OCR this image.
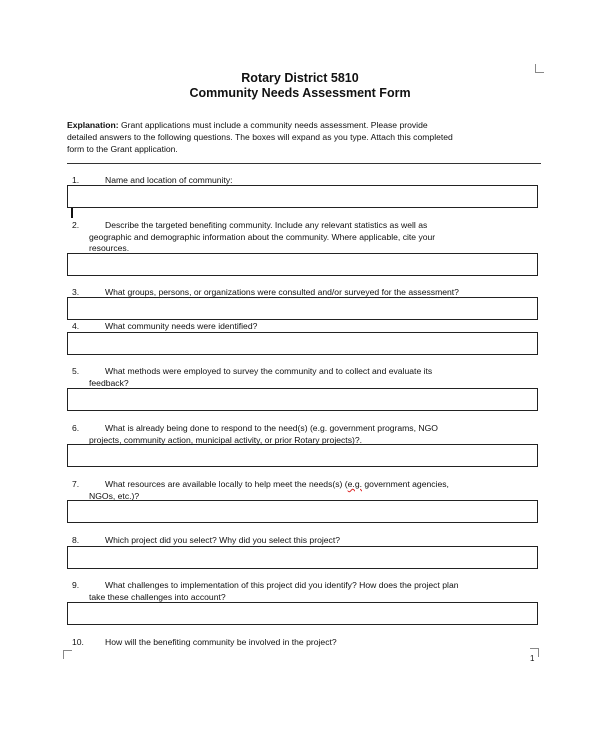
Rotary District 5810
Community Needs Assessment Form
Explanation: Grant applications must include a community needs assessment. Please provide
detailed answers to the following questions. The boxes will expand as you type. Attach this completed
form to the Grant application.
1.	Name and location of community:
2.	Describe the targeted benefiting community. Include any relevant statistics as well as
geographic and demographic information about the community. Where applicable, cite your
resources.
3.	What groups, persons, or organizations were consulted and/or surveyed for the assessment?
4.	What community needs were identified?
5.	What methods were employed to survey the community and to collect and evaluate its
feedback?
6.	What is already being done to respond to the need(s) (e.g. government programs, NGO
projects, community action, municipal activity, or prior Rotary projects)?.
7.	What resources are available locally to help meet the needs(s) (e.g. government agencies,
NGOs, etc.)?
8.	Which project did you select? Why did you select this project?
9.	What challenges to implementation of this project did you identify? How does the project plan
take these challenges into account?
10. How will the benefiting community be involved in the project?
1
